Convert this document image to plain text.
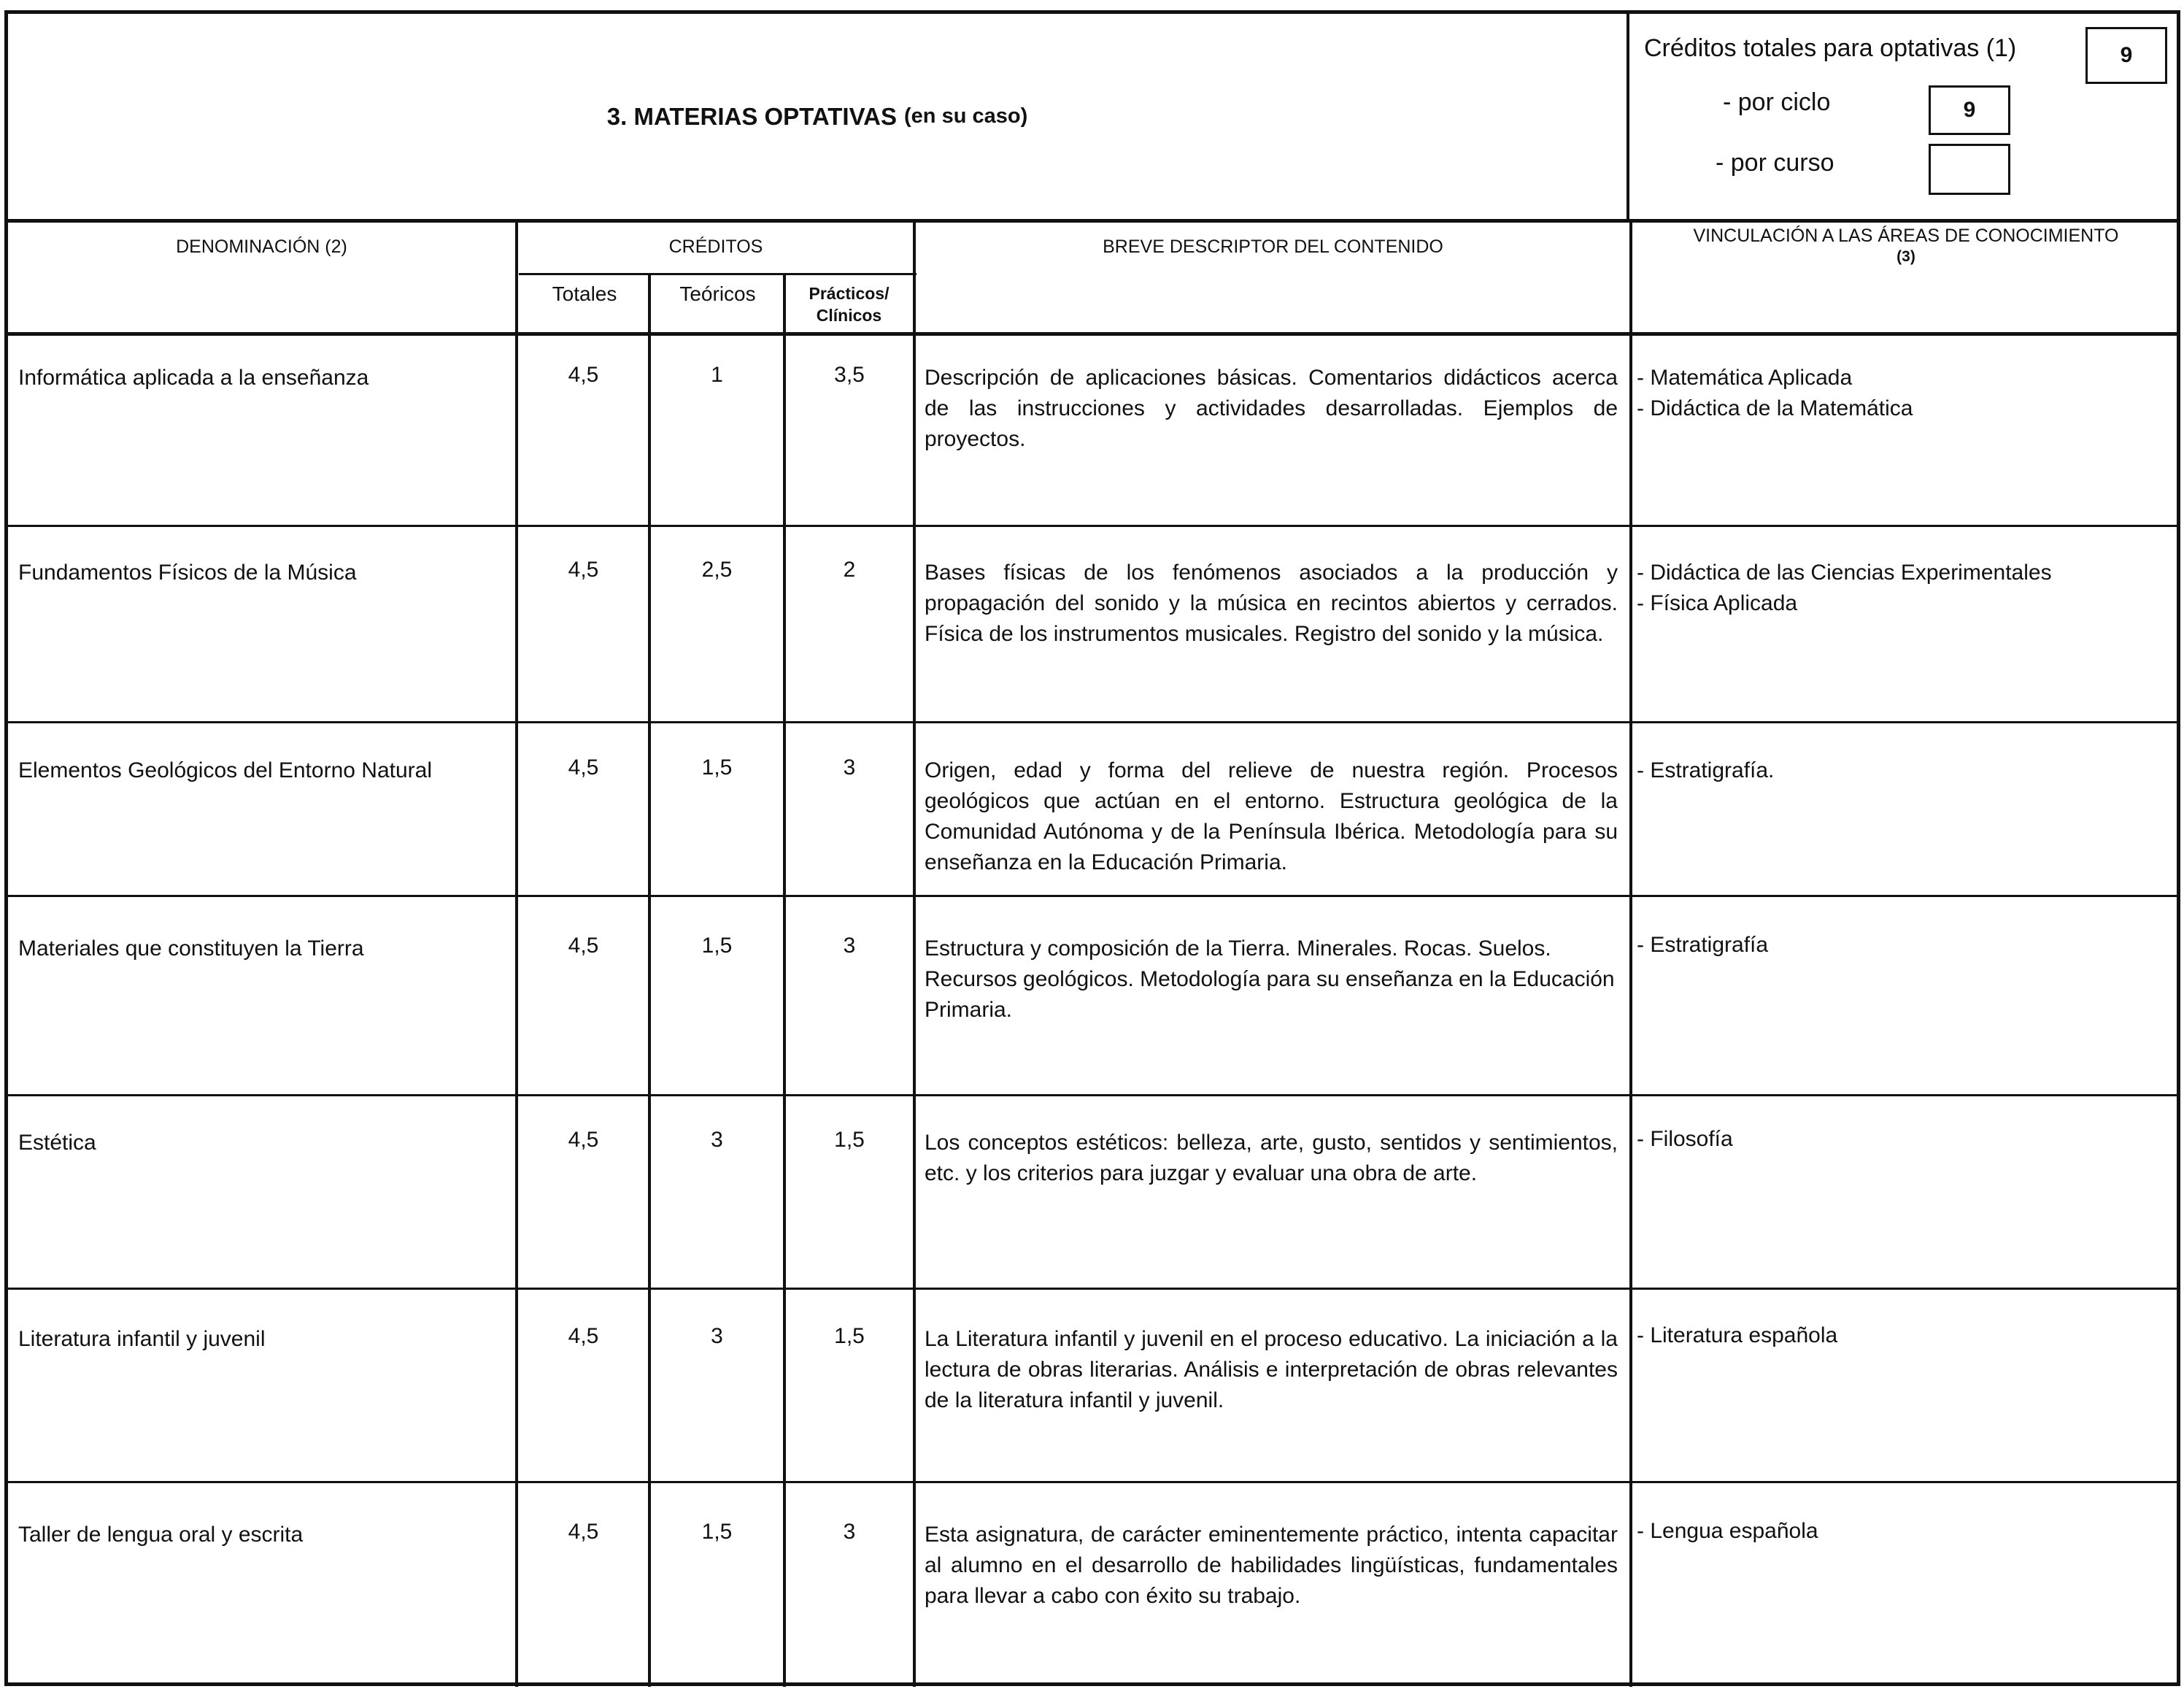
3. MATERIAS OPTATIVAS (en su caso)
Créditos totales para optativas (1)	9
- por ciclo	9
- por curso
DENOMINACIÓN (2)	CRÉDITOS
Totales	Teóricos	Prácticos/
Clínicos
BREVE DESCRIPTOR DEL CONTENIDO
VINCULACIÓN A LAS ÁREAS DE CONOCIMIENTO
(3)
Informática aplicada a la enseñanza	4,5	1	3,5	Descripción de aplicaciones básicas. Comentarios didácticos acerca de las instrucciones y actividades desarrolladas. Ejemplos de proyectos.
- Matemática Aplicada
- Didáctica de la Matemática
Fundamentos Físicos de la Música	4,5	2,5	2	Bases físicas de los fenómenos asociados a la producción y propagación del sonido y la música en recintos abiertos y cerrados. Física de los instrumentos musicales. Registro del sonido y la música.
- Didáctica de las Ciencias Experimentales
- Física Aplicada
Elementos Geológicos del Entorno Natural	4,5	1,5	3	Origen, edad y forma del relieve de nuestra región. Procesos geológicos que actúan en el entorno. Estructura geológica de la Comunidad Autónoma y de la Península Ibérica. Metodología para su enseñanza en la Educación Primaria.
- Estratigrafía.
Materiales que constituyen la Tierra	4,5	1,5	3	Estructura y composición de la Tierra. Minerales. Rocas. Suelos. Recursos geológicos. Metodología para su enseñanza en la Educación Primaria.
- Estratigrafía
Estética	4,5	3	1,5	Los conceptos estéticos: belleza, arte, gusto, sentidos y sentimientos, etc. y los criterios para juzgar y evaluar una obra de arte.
- Filosofía
Literatura infantil y juvenil	4,5	3	1,5	La Literatura infantil y juvenil en el proceso educativo. La iniciación a la lectura de obras literarias. Análisis e interpretación de obras relevantes de la literatura infantil y juvenil.
- Literatura española
Taller de lengua oral y escrita	4,5	1,5	3	Esta asignatura, de carácter eminentemente práctico, intenta capacitar al alumno en el desarrollo de habilidades lingüísticas, fundamentales para llevar a cabo con éxito su trabajo.
- Lengua española
